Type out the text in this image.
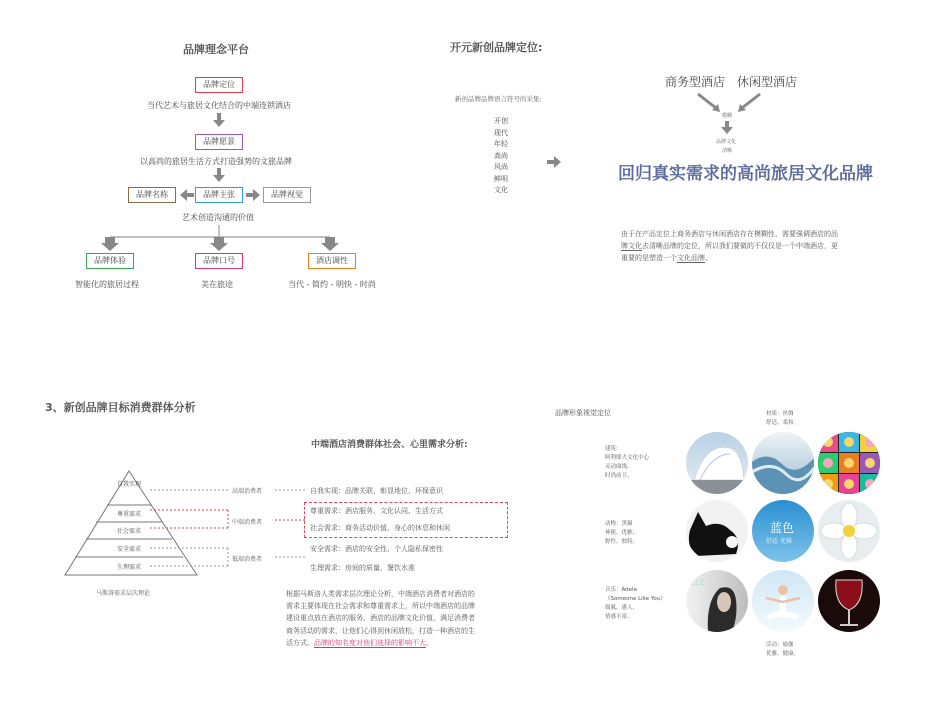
品牌理念平台
品牌定位
当代艺术与旅居文化结合的中端连锁酒店
品牌愿景
以高尚的旅居生活方式打造强势的文旅品牌
品牌名称	品牌主张	品牌视觉
艺术创造沟通的价值
品牌体验	品牌口号	酒店调性
智能化的旅居过程	美在旅途	当代 - 简约 - 明快 - 时尚
开元新创品牌定位:
新创品牌品牌语言符号的采集:
开创
现代
年轻
高尚
风尚
鲜明
文化
商务型酒店 休闲型酒店
模糊
品牌文化
清晰
回归真实需求的高尚旅居文化品牌
由于在产品定位上商务酒店与休闲酒店存在模糊性，需要强调酒店的品
牌文化去清晰品牌的定位，所以我们要做的不仅仅是一个中端酒店，更
重要的是塑造一个文化品牌。
3、新创品牌目标消费群体分析
中端酒店消费群体社会、心里需求分析:
自我实现
尊重需求
社会需求
安全需求
生理需求
马斯洛需求层次理论
高端消费者
中端消费者
低端消费者
自我实现：品牌关联、彰显地位、环保意识
尊重需求：酒店服务、文化认同、生活方式
社会需求：商务活动价值、身心的休息和休闲
安全需求：酒店的安全性、个人隐私保密性
生理需求：房间的质量、餐饮水准
根据马斯洛人类需求层次理论分析，中端酒店消费者对酒店的
需求主要体现在社会需求和尊重需求上，所以中端酒店的品牌
建设重点放在酒店的服务、酒店的品牌文化价值，满足消费者
商务活动的需求，让他们心得到休闲放松，打造一种酒店的生
活方式。品牌的知名度对他们选择的影响不大。
品牌形象视觉定位
建筑:
阿利耶夫文化中心
灵动曲线,
时尚前卫。
材质：丝绸
舒适、柔和。
动物：黑猫
神秘、优雅、
野性、独特。
音乐：Adele
《Someone Like You》
细腻、感人、
情感丰富。
活动：瑜伽
优雅、健康。
蓝色
舒适 优雅
ELE
